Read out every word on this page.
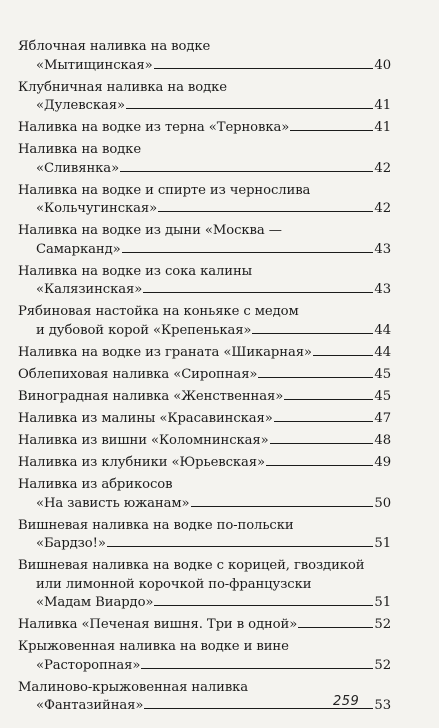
Яблочная наливка на водке
«Мытищинская»	40
Клубничная наливка на водке
«Дулевская»	41
Наливка на водке из терна «Терновка»	41
Наливка на водке
«Сливянка»	42
Наливка на водке и спирте из чернослива
«Кольчугинская»	42
Наливка на водке из дыни «Москва —
Самарканд»	43
Наливка на водке из сока калины
«Калязинская»	43
Рябиновая настойка на коньяке с медом
и дубовой корой «Крепенькая»	44
Наливка на водке из граната «Шикарная»	44
Облепиховая наливка «Сиропная»	45
Виноградная наливка «Женственная»	45
Наливка из малины «Красавинская»	47
Наливка из вишни «Коломнинская»	48
Наливка из клубники «Юрьевская»	49
Наливка из абрикосов
«На зависть южанам»	50
Вишневая наливка на водке по-польски
«Бардзо!»	51
Вишневая наливка на водке с корицей, гвоздикой
или лимонной корочкой по-французски
«Мадам Виардо»	51
Наливка «Печеная вишня. Три в одной»	52
Крыжовенная наливка на водке и вине
«Расторопная»	52
Малиново-крыжовенная наливка
«Фантазийная»	53
259
